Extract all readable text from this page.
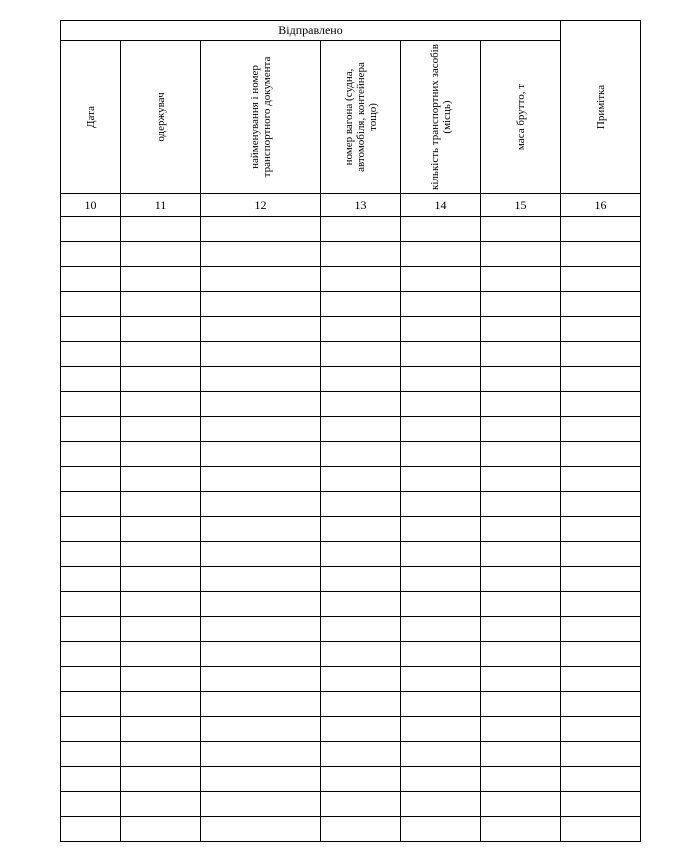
Відправлено						Примітка

Дата	одержувач	найменування і номер транспортного документа	номер вагона (судна, автомобіля, контейнера тощо)	кількість транспортних засобів (місць)	маса брутто, т	

10	11	12	13	14	15	16
